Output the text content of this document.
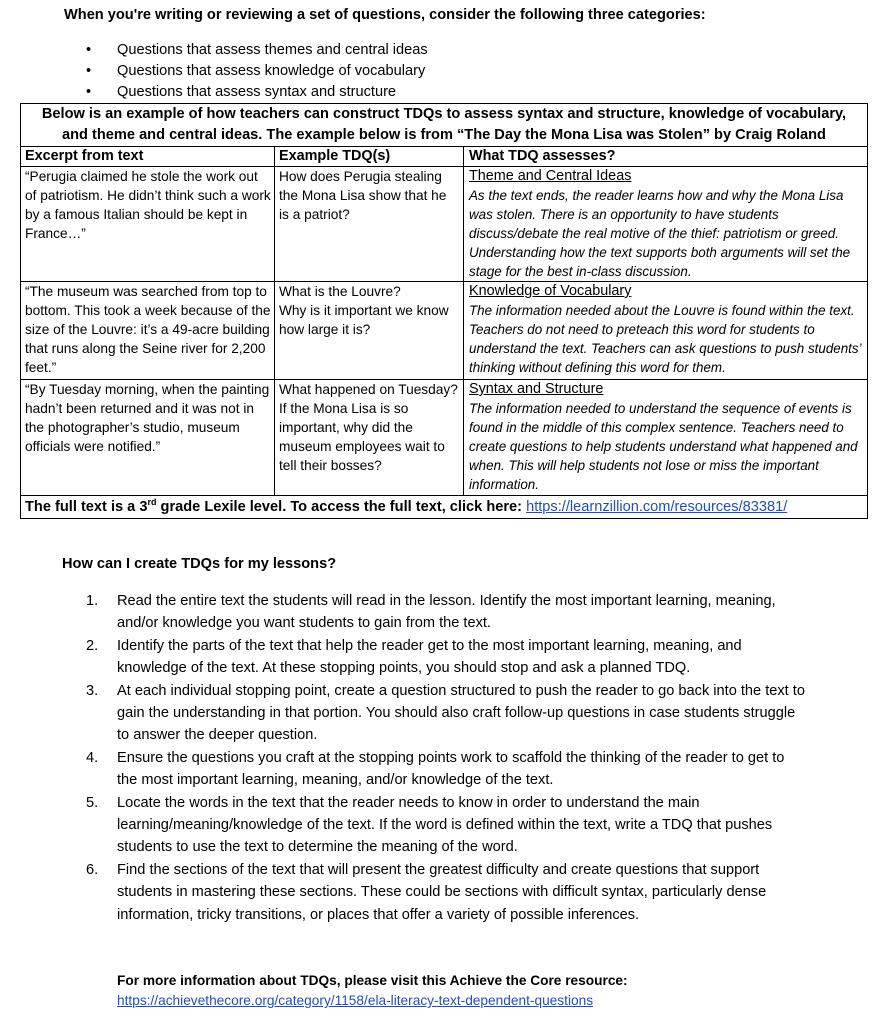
When you're writing or reviewing a set of questions, consider the following three categories:
• Questions that assess themes and central ideas
• Questions that assess knowledge of vocabulary
• Questions that assess syntax and structure
Below is an example of how teachers can construct TDQs to assess syntax and structure, knowledge of vocabulary,
and theme and central ideas. The example below is from “The Day the Mona Lisa was Stolen” by Craig Roland
Excerpt from text	Example TDQ(s)	What TDQ assesses?
“Perugia claimed he stole the work out of patriotism. He didn’t think such a work by a famous Italian should be kept in France…”
How does Perugia stealing the Mona Lisa show that he is a patriot?
Theme and Central Ideas
As the text ends, the reader learns how and why the Mona Lisa was stolen. There is an opportunity to have students discuss/debate the real motive of the thief: patriotism or greed. Understanding how the text supports both arguments will set the stage for the best in-class discussion.
“The museum was searched from top to bottom. This took a week because of the size of the Louvre: it’s a 49-acre building that runs along the Seine river for 2,200 feet.”
What is the Louvre?
Why is it important we know how large it is?
Knowledge of Vocabulary
The information needed about the Louvre is found within the text. Teachers do not need to preteach this word for students to understand the text. Teachers can ask questions to push students’ thinking without defining this word for them.
“By Tuesday morning, when the painting hadn’t been returned and it was not in the photographer’s studio, museum officials were notified.”
What happened on Tuesday?
If the Mona Lisa is so important, why did the museum employees wait to tell their bosses?
Syntax and Structure
The information needed to understand the sequence of events is found in the middle of this complex sentence. Teachers need to create questions to help students understand what happened and when. This will help students not lose or miss the important information.
The full text is a 3rd grade Lexile level. To access the full text, click here: https://learnzillion.com/resources/83381/
How can I create TDQs for my lessons?
1. Read the entire text the students will read in the lesson. Identify the most important learning, meaning, and/or knowledge you want students to gain from the text.
2. Identify the parts of the text that help the reader get to the most important learning, meaning, and knowledge of the text. At these stopping points, you should stop and ask a planned TDQ.
3. At each individual stopping point, create a question structured to push the reader to go back into the text to gain the understanding in that portion. You should also craft follow-up questions in case students struggle to answer the deeper question.
4. Ensure the questions you craft at the stopping points work to scaffold the thinking of the reader to get to the most important learning, meaning, and/or knowledge of the text.
5. Locate the words in the text that the reader needs to know in order to understand the main learning/meaning/knowledge of the text. If the word is defined within the text, write a TDQ that pushes students to use the text to determine the meaning of the word.
6. Find the sections of the text that will present the greatest difficulty and create questions that support students in mastering these sections. These could be sections with difficult syntax, particularly dense information, tricky transitions, or places that offer a variety of possible inferences.
For more information about TDQs, please visit this Achieve the Core resource:
https://achievethecore.org/category/1158/ela-literacy-text-dependent-questions
